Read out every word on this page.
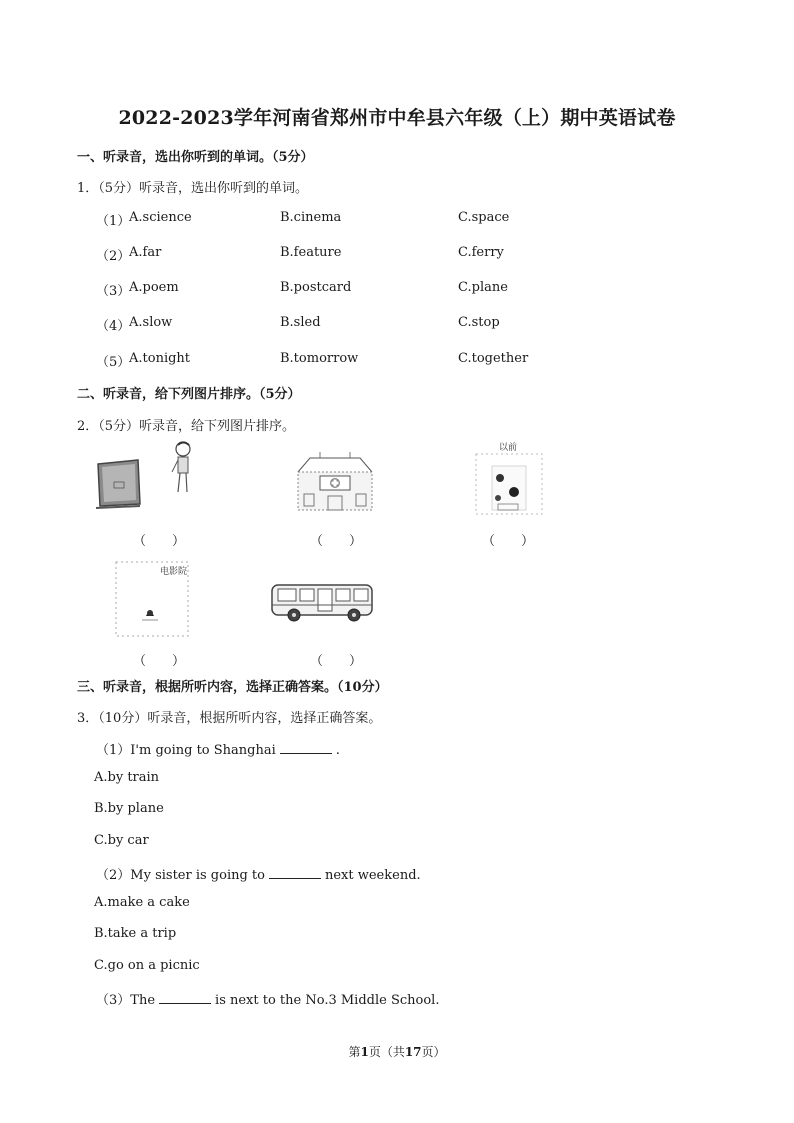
2022-2023学年河南省郑州市中牟县六年级（上）期中英语试卷
一、听录音，选出你听到的单词。（5分）
1．（5分）听录音，选出你听到的单词。
（1）
A.science	B.cinema	C.space
（2）
A.far	B.feature	C.ferry
（3）
A.poem	B.postcard	C.plane
（4）
A.slow	B.sled	C.stop
（5）
A.tonight	B.tomorrow	C.together
二、听录音，给下列图片排序。（5分）
2．（5分）听录音，给下列图片排序。
（　　）	（　　）
以前
（　　）
电影院
（　　）	（　　）
三、听录音，根据所听内容，选择正确答案。（10分）
3．（10分）听录音，根据所听内容，选择正确答案。
（1）I'm going to Shanghai	.
A.by train
B.by plane
C.by car
（2）My sister is going to	next weekend.
A.make a cake
B.take a trip
C.go on a picnic
（3）The	is next to the No.3 Middle School.
第1页（共17页）
